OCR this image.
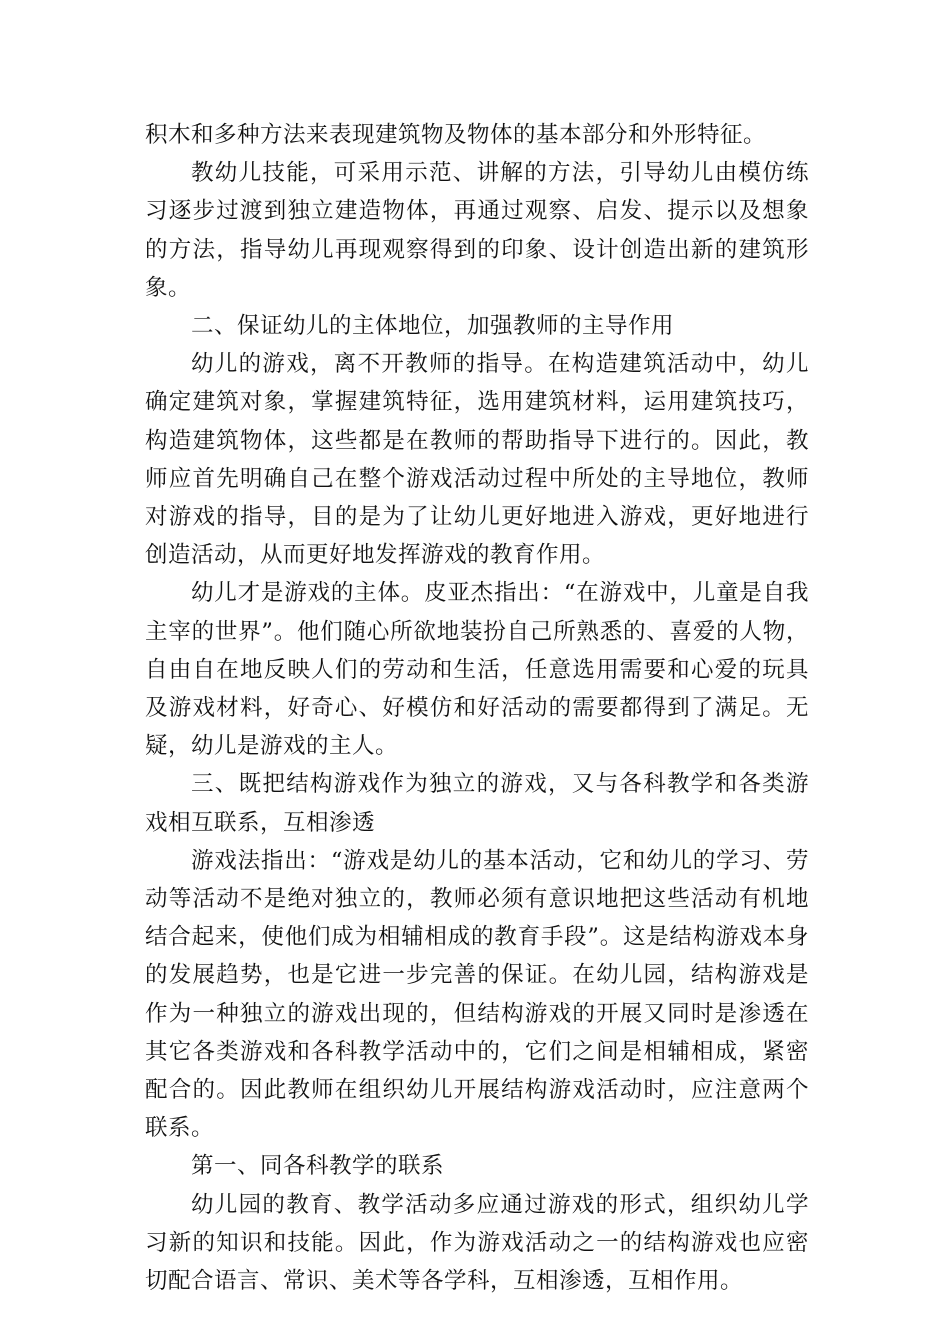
积木和多种方法来表现建筑物及物体的基本部分和外形特征。

教幼儿技能，可采用示范、讲解的方法，引导幼儿由模仿练习逐步过渡到独立建造物体，再通过观察、启发、提示以及想象的方法，指导幼儿再现观察得到的印象、设计创造出新的建筑形象。

二、保证幼儿的主体地位，加强教师的主导作用

幼儿的游戏，离不开教师的指导。在构造建筑活动中，幼儿确定建筑对象，掌握建筑特征，选用建筑材料，运用建筑技巧，构造建筑物体，这些都是在教师的帮助指导下进行的。因此，教师应首先明确自己在整个游戏活动过程中所处的主导地位，教师对游戏的指导，目的是为了让幼儿更好地进入游戏，更好地进行创造活动，从而更好地发挥游戏的教育作用。

幼儿才是游戏的主体。皮亚杰指出：“在游戏中，儿童是自我主宰的世界”。他们随心所欲地装扮自己所熟悉的、喜爱的人物，自由自在地反映人们的劳动和生活，任意选用需要和心爱的玩具及游戏材料，好奇心、好模仿和好活动的需要都得到了满足。无疑，幼儿是游戏的主人。

三、既把结构游戏作为独立的游戏，又与各科教学和各类游戏相互联系，互相渗透

游戏法指出：“游戏是幼儿的基本活动，它和幼儿的学习、劳动等活动不是绝对独立的，教师必须有意识地把这些活动有机地结合起来，使他们成为相辅相成的教育手段”。这是结构游戏本身的发展趋势，也是它进一步完善的保证。在幼儿园，结构游戏是作为一种独立的游戏出现的，但结构游戏的开展又同时是渗透在其它各类游戏和各科教学活动中的，它们之间是相辅相成，紧密配合的。因此教师在组织幼儿开展结构游戏活动时，应注意两个联系。

第一、同各科教学的联系

幼儿园的教育、教学活动多应通过游戏的形式，组织幼儿学习新的知识和技能。因此，作为游戏活动之一的结构游戏也应密切配合语言、常识、美术等各学科，互相渗透，互相作用。
